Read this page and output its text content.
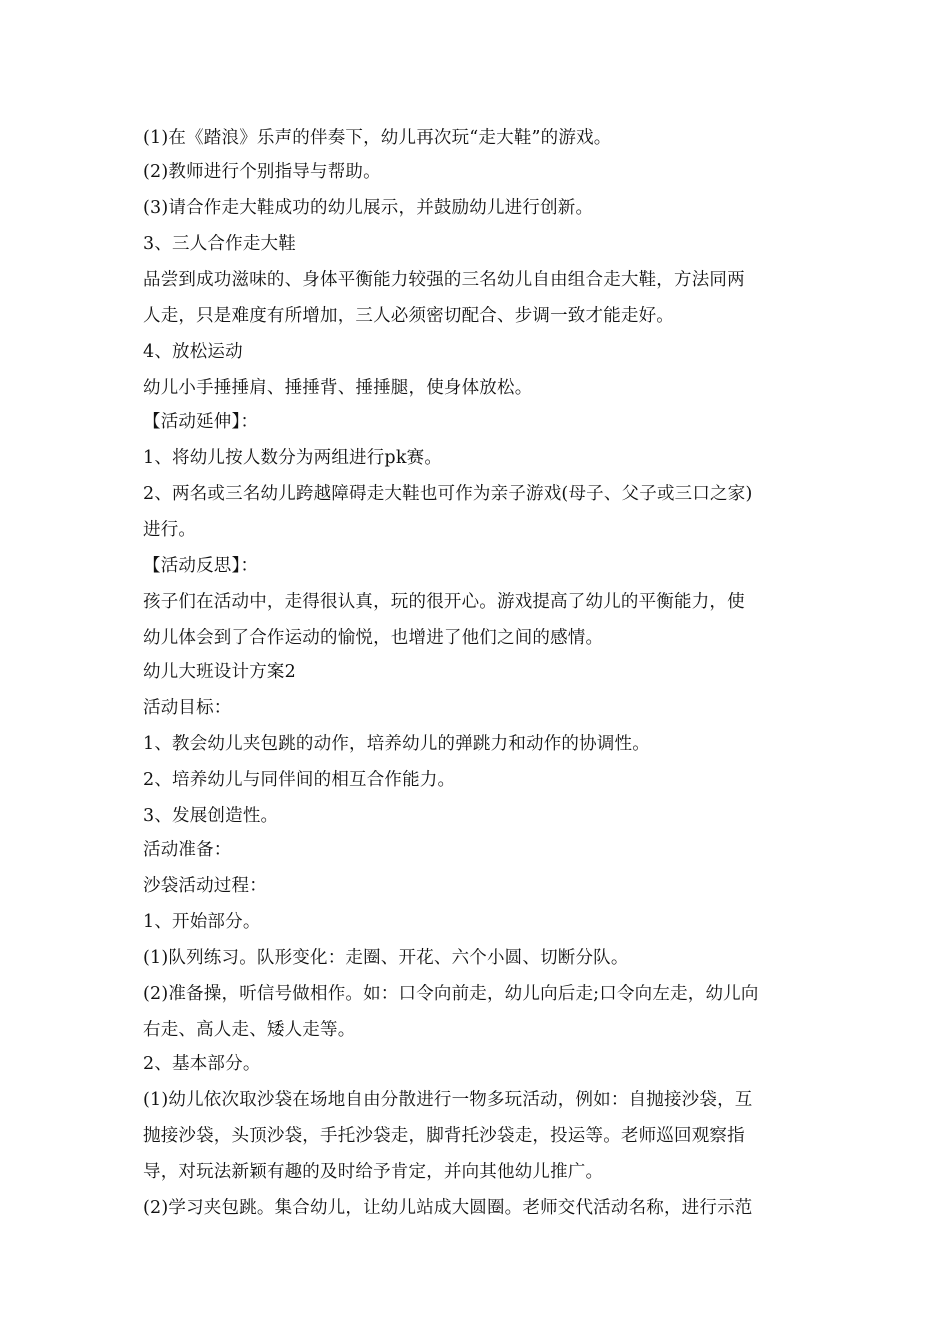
(1)在《踏浪》乐声的伴奏下，幼儿再次玩“走大鞋”的游戏。
(2)教师进行个别指导与帮助。
(3)请合作走大鞋成功的幼儿展示，并鼓励幼儿进行创新。
3、三人合作走大鞋
品尝到成功滋味的、身体平衡能力较强的三名幼儿自由组合走大鞋，方法同两
人走，只是难度有所增加，三人必须密切配合、步调一致才能走好。
4、放松运动
幼儿小手捶捶肩、捶捶背、捶捶腿，使身体放松。
【活动延伸】：
1、将幼儿按人数分为两组进行pk赛。
2、两名或三名幼儿跨越障碍走大鞋也可作为亲子游戏(母子、父子或三口之家)
进行。
【活动反思】：
孩子们在活动中，走得很认真，玩的很开心。游戏提高了幼儿的平衡能力，使
幼儿体会到了合作运动的愉悦，也增进了他们之间的感情。
幼儿大班设计方案2
活动目标：
1、教会幼儿夹包跳的动作，培养幼儿的弹跳力和动作的协调性。
2、培养幼儿与同伴间的相互合作能力。
3、发展创造性。
活动准备：
沙袋活动过程：
1、开始部分。
(1)队列练习。队形变化：走圈、开花、六个小圆、切断分队。
(2)准备操，听信号做相作。如：口令向前走，幼儿向后走;口令向左走，幼儿向
右走、高人走、矮人走等。
2、基本部分。
(1)幼儿依次取沙袋在场地自由分散进行一物多玩活动，例如：自抛接沙袋，互
抛接沙袋，头顶沙袋，手托沙袋走，脚背托沙袋走，投运等。老师巡回观察指
导，对玩法新颖有趣的及时给予肯定，并向其他幼儿推广。
(2)学习夹包跳。集合幼儿，让幼儿站成大圆圈。老师交代活动名称，进行示范
